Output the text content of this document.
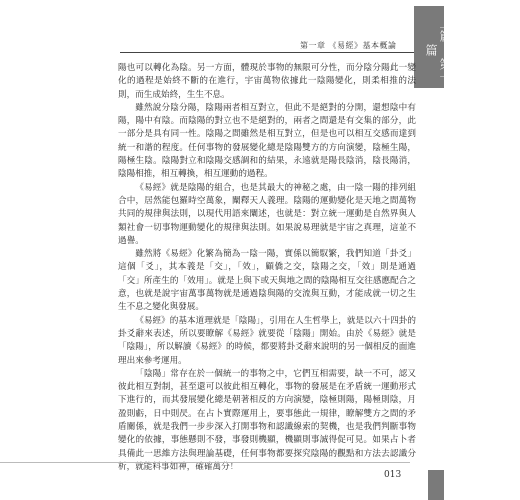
上篇 第一篇
第一章 《易經》基本概論

陽也可以轉化為陰。另一方面，體現於事物的無限可分性，而分陰分陽此一變化的過程是始終不斷的在進行，宇宙萬物依據此一陰陽變化，則柔相推的法則，而生成始終，生生不息。

雖然說分陰分陽，陰陽兩者相互對立，但此不是絕對的分開，還想陰中有陽，陽中有陰。而陰陽的對立也不是絕對的，兩者之間還是有交集的部分，此一部分是具有同一性。陰陽之間雖然是相互對立，但是也可以相互交感而達到統一和諧的程度。任何事物的發展變化總是陰陽雙方的方向演變，陰極生陽，陽極生陰。陰陽對立和陰陽交感調和的結果，永遠就是陽長陰消，陰長陽消，陰陽相推，相互轉換，相互運動的過程。

《易經》就是陰陽的組合，也是其最大的神秘之處，由一陰一陽的排列組合中，居然能包羅時空萬象，闡釋天人義理。陰陽的運動變化是天地之間萬物共同的規律與法則，以現代用語來闡述，也就是：對立統一運動是自然界與人類社會一切事物運動變化的規律與法則。如果說易理就是宇宙之真理，這並不過譽。

雖然將《易經》化繁為簡為一陰一陽，實係以簡馭繁，我們知道「卦爻」這個「爻」，其本義是「交」，「效」，顧僑之交，陰陽之交，「效」則是通過「交」所產生的「效用」。就是上與下或天與地之間的陰陽相互交往感應配合之意，也就是說宇宙萬事萬物就是通過陰與陽的交流與互動，才能成就一切之生生不息之變化與發展。

《易經》的基本道理就是「陰陽」，引用在人生哲學上，就是以六十四卦的卦爻辭來表述，所以要瞭解《易經》就要從「陰陽」開始。由於《易經》就是「陰陽」，所以解讀《易經》的時候，都要將卦爻辭來說明的另一個相反的面進理出來參考運用。

「陰陽」常存在於一個統一的事物之中，它們互相需要，缺一不可，認又彼此相互對制，甚至還可以彼此相互轉化，事物的發展是在矛盾統一運動形式下進行的，而其發展變化總是朝著相反的方向演變，陰極則陽，陽極則陰，月盈則虧，日中則昃。在占卜實際運用上，要事態此一規律，瞭解雙方之間的矛盾關係，就是我們一步步深入打開事物和認識線索的契機，也是我們判斷事物變化的依據，事態懸則不發，事發則機顯，機顯則事誠得促可見。如果占卜者具備此一思維方法與理論基礎，任何事物都要探究陰陽的觀點和方法去認識分析，就能料事如神，確確萬分！

013
